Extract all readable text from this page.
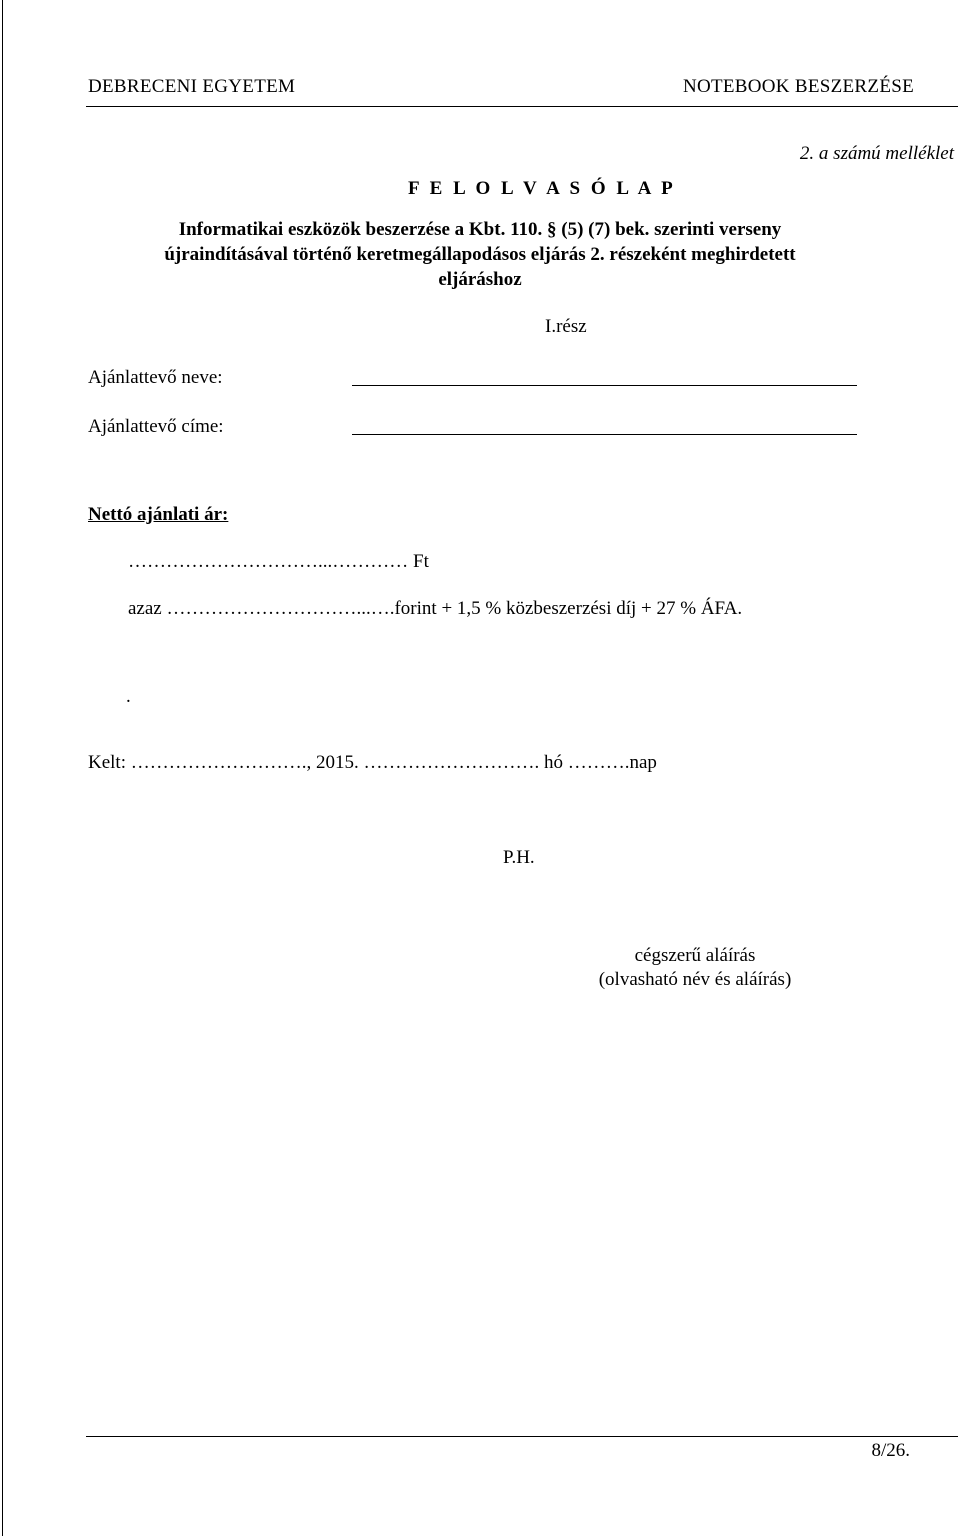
DEBRECENI EGYETEM	NOTEBOOK BESZERZÉSE
2. a számú melléklet
F E L O L V A S Ó L A P
Informatikai eszközök beszerzése a Kbt. 110. § (5) (7) bek. szerinti verseny
újraindításával történő keretmegállapodásos eljárás 2. részeként meghirdetett
eljáráshoz
I.rész
Ajánlattevő neve:
Ajánlattevő címe:
Nettó ajánlati ár:
…………………………...………… Ft
azaz …………………………...….forint + 1,5 % közbeszerzési díj + 27 % ÁFA.
.
Kelt: ………………………., 2015. ………………………. hó ……….nap
P.H.
cégszerű aláírás
(olvasható név és aláírás)
8/26.
